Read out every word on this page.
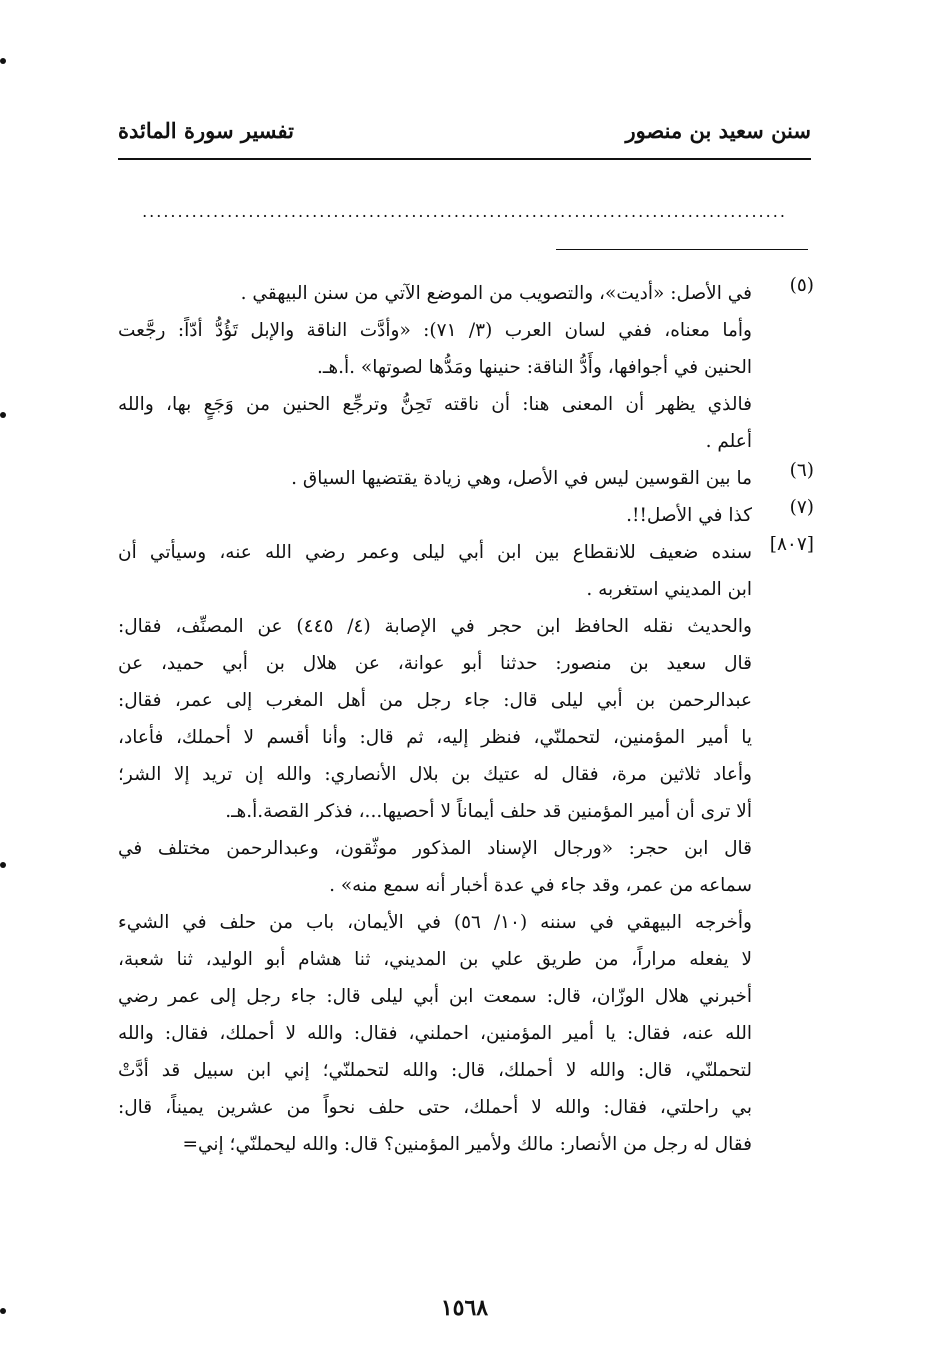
سنن سعيد بن منصور
تفسير سورة المائدة
...........................................................................................
(٥)
في الأصل: «أديت»، والتصويب من الموضع الآتي من سنن البيهقي .
وأما معناه، ففي لسان العرب (٣/ ٧١): «وأدَّت الناقة والإبل تَؤُدُّ أدّاً: رجَّعت
الحنين في أجوافها، وأَدُّ الناقة: حنينها ومَدُّها لصوتها» .أ.هـ.
فالذي يظهر أن المعنى هنا: أن ناقته تَحِنُّ وترجِّع الحنين من وَجَعٍ بها، والله
أعلم .
(٦)
ما بين القوسين ليس في الأصل، وهي زيادة يقتضيها السياق .
(٧)
كذا في الأصل!!.
[٨٠٧]
سنده ضعيف للانقطاع بين ابن أبي ليلى وعمر رضي الله عنه، وسيأتي أن
ابن المديني استغربه .
والحديث نقله الحافظ ابن حجر في الإصابة (٤/ ٤٤٥) عن المصنِّف، فقال:
قال سعيد بن منصور: حدثنا أبو عوانة، عن هلال بن أبي حميد، عن
عبدالرحمن بن أبي ليلى قال: جاء رجل من أهل المغرب إلى عمر، فقال:
يا أمير المؤمنين، لتحملنّي، فنظر إليه، ثم قال: وأنا أقسم لا أحملك، فأعاد،
وأعاد ثلاثين مرة، فقال له عتيك بن بلال الأنصاري: والله إن تريد إلا الشر؛
ألا ترى أن أمير المؤمنين قد حلف أيماناً لا أحصيها...، فذكر القصة.أ.هـ.
قال ابن حجر: «ورجال الإسناد المذكور موثّقون، وعبدالرحمن مختلف في
سماعه من عمر، وقد جاء في عدة أخبار أنه سمع منه» .
وأخرجه البيهقي في سننه (١٠/ ٥٦) في الأيمان، باب من حلف في الشيء
لا يفعله مراراً، من طريق علي بن المديني، ثنا هشام أبو الوليد، ثنا شعبة،
أخبرني هلال الوزّان، قال: سمعت ابن أبي ليلى قال: جاء رجل إلى عمر رضي
الله عنه، فقال: يا أمير المؤمنين، احملني، فقال: والله لا أحملك، فقال: والله
لتحملنّي، قال: والله لا أحملك، قال: والله لتحملنّي؛ إني ابن سبيل قد أدَّتْ
بي راحلتي، فقال: والله لا أحملك، حتى حلف نحواً من عشرين يميناً، قال:
فقال له رجل من الأنصار: مالك ولأمير المؤمنين؟ قال: والله ليحملنّي؛ إني=
١٥٦٨
